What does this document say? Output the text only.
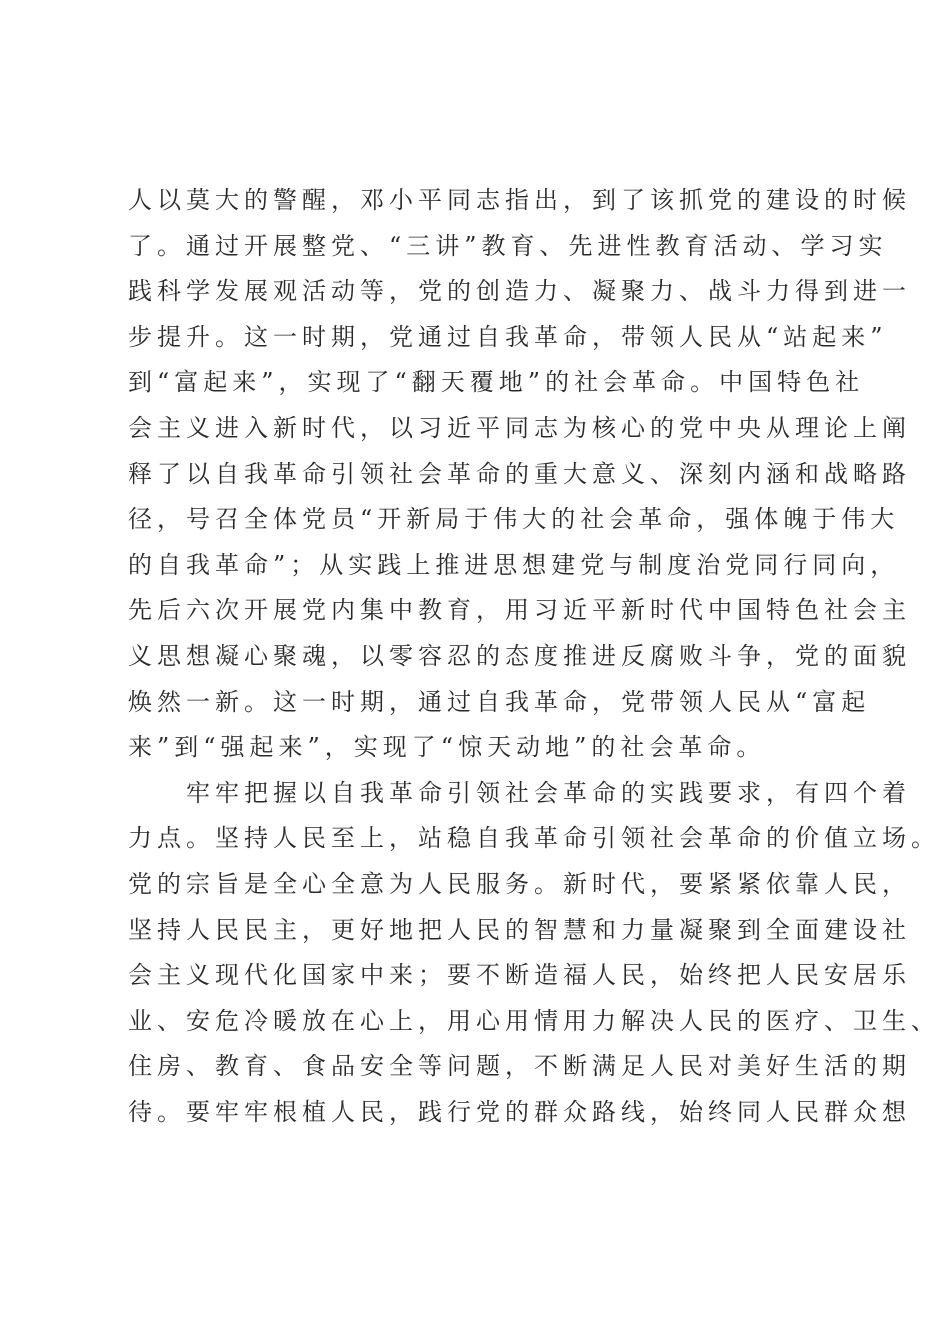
人以莫大的警醒，邓小平同志指出，到了该抓党的建设的时候
了。通过开展整党、“三讲”教育、先进性教育活动、学习实
践科学发展观活动等，党的创造力、凝聚力、战斗力得到进一
步提升。这一时期，党通过自我革命，带领人民从“站起来”
到“富起来”，实现了“翻天覆地”的社会革命。中国特色社
会主义进入新时代，以习近平同志为核心的党中央从理论上阐
释了以自我革命引领社会革命的重大意义、深刻内涵和战略路
径，号召全体党员“开新局于伟大的社会革命，强体魄于伟大
的自我革命”；从实践上推进思想建党与制度治党同行同向，
先后六次开展党内集中教育，用习近平新时代中国特色社会主
义思想凝心聚魂，以零容忍的态度推进反腐败斗争，党的面貌
焕然一新。这一时期，通过自我革命，党带领人民从“富起
来”到“强起来”，实现了“惊天动地”的社会革命。
　　牢牢把握以自我革命引领社会革命的实践要求，有四个着
力点。坚持人民至上，站稳自我革命引领社会革命的价值立场。
党的宗旨是全心全意为人民服务。新时代，要紧紧依靠人民，
坚持人民民主，更好地把人民的智慧和力量凝聚到全面建设社
会主义现代化国家中来；要不断造福人民，始终把人民安居乐
业、安危冷暖放在心上，用心用情用力解决人民的医疗、卫生、
住房、教育、食品安全等问题，不断满足人民对美好生活的期
待。要牢牢根植人民，践行党的群众路线，始终同人民群众想
